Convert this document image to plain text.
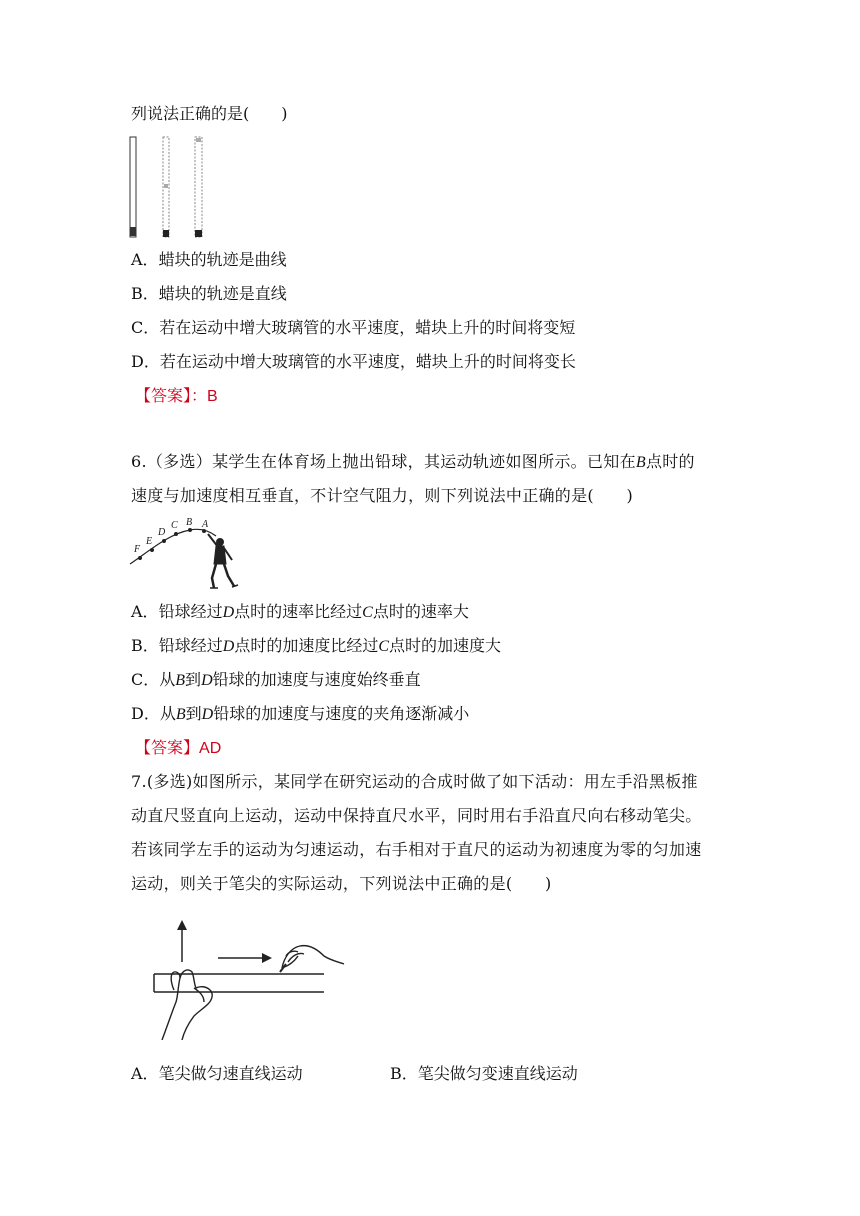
列说法正确的是(　　)
A．蜡块的轨迹是曲线
B．蜡块的轨迹是直线
C．若在运动中增大玻璃管的水平速度，蜡块上升的时间将变短
D．若在运动中增大玻璃管的水平速度，蜡块上升的时间将变长
【答案】：B
6.（多选）某学生在体育场上抛出铅球，其运动轨迹如图所示。已知在B点时的
速度与加速度相互垂直，不计空气阻力，则下列说法中正确的是(　　)
F
E
D
C B A
A．铅球经过D点时的速率比经过C点时的速率大
B．铅球经过D点时的加速度比经过C点时的加速度大
C．从B到D铅球的加速度与速度始终垂直
D．从B到D铅球的加速度与速度的夹角逐渐减小
【答案】AD
7.(多选)如图所示，某同学在研究运动的合成时做了如下活动：用左手沿黑板推
动直尺竖直向上运动，运动中保持直尺水平，同时用右手沿直尺向右移动笔尖。
若该同学左手的运动为匀速运动，右手相对于直尺的运动为初速度为零的匀加速
运动，则关于笔尖的实际运动，下列说法中正确的是(　　)
A．笔尖做匀速直线运动	B．笔尖做匀变速直线运动
